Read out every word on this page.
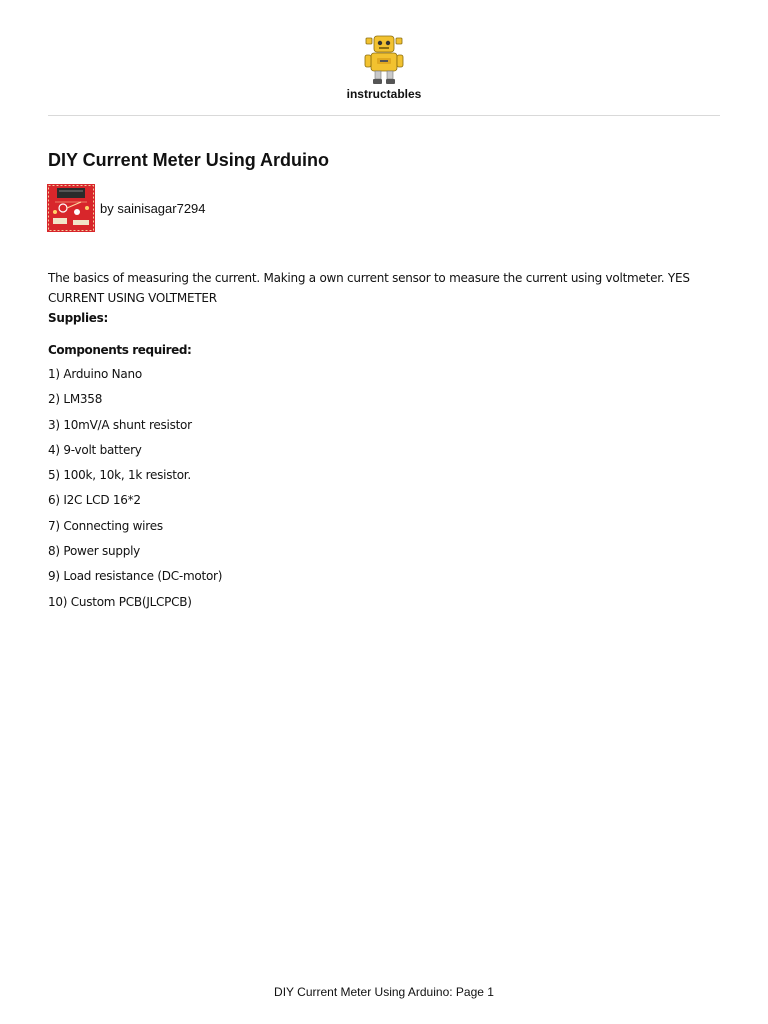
instructables
DIY Current Meter Using Arduino
by sainisagar7294

The basics of measuring the current. Making a own current sensor to measure the current using voltmeter. YES CURRENT USING VOLTMETER

Supplies:

Components required:

1) Arduino Nano
2) LM358
3) 10mV/A shunt resistor
4) 9-volt battery
5) 100k, 10k, 1k resistor.
6) I2C LCD 16*2
7) Connecting wires
8) Power supply
9) Load resistance (DC-motor)
10) Custom PCB(JLCPCB)
DIY Current Meter Using Arduino: Page 1
